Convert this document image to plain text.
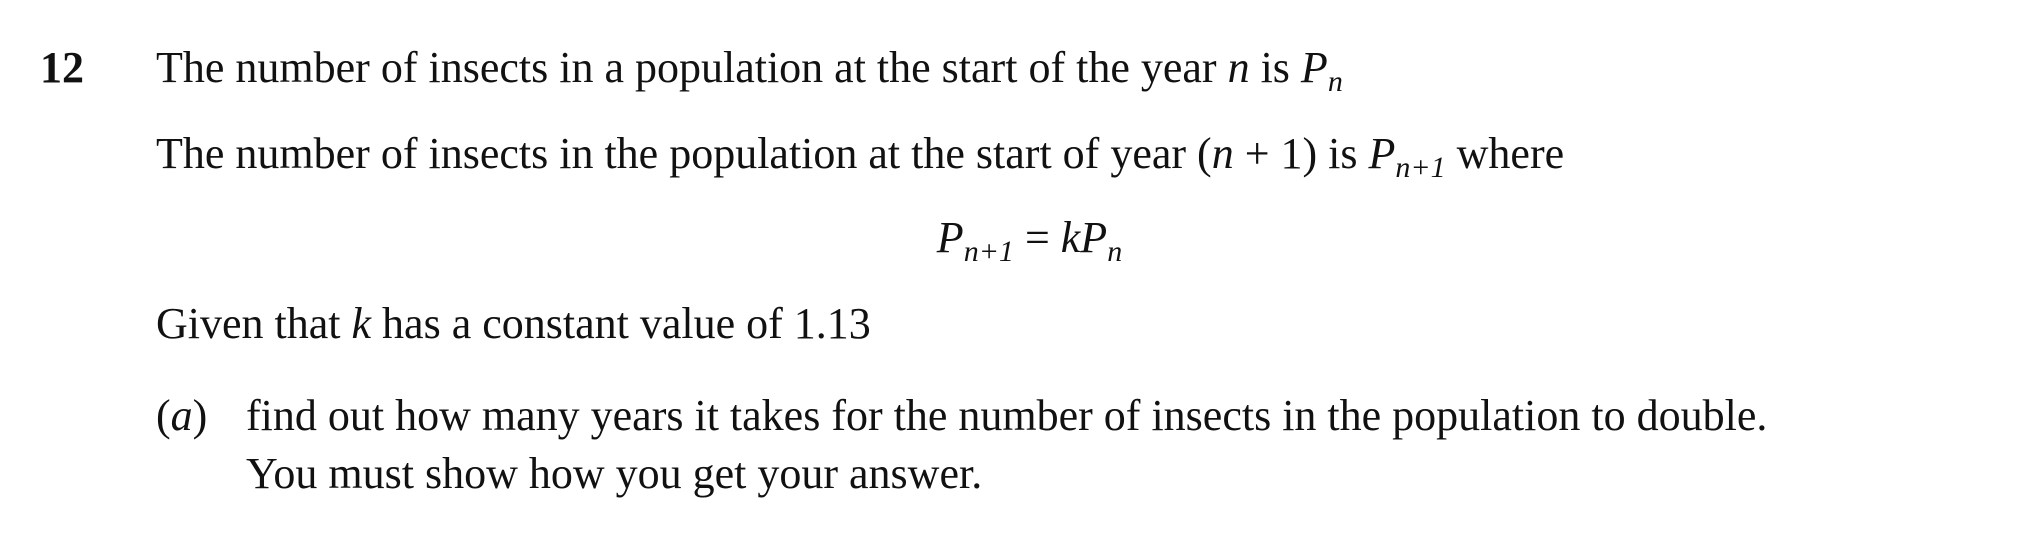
12 The number of insects in a population at the start of the year n is $P_n$
The number of insects in the population at the start of year (n + 1) is $P_{n+1}$ where
$P_{n+1} = kP_n$
Given that k has a constant value of 1.13
(a) find out how many years it takes for the number of insects in the population to double.
You must show how you get your answer.
